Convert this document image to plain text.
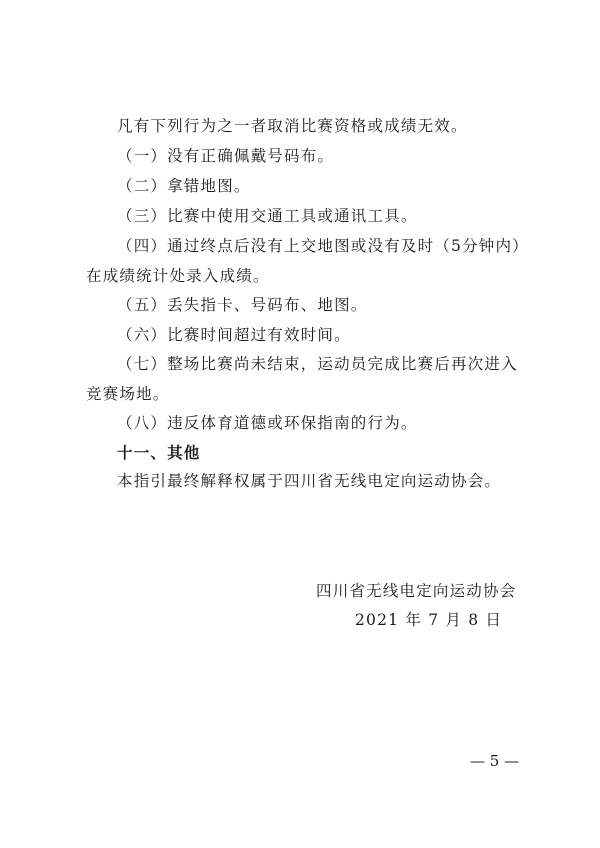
凡有下列行为之一者取消比赛资格或成绩无效。
（一）没有正确佩戴号码布。
（二）拿错地图。
（三）比赛中使用交通工具或通讯工具。
（四）通过终点后没有上交地图或没有及时（5分钟内）在成绩统计处录入成绩。
（五）丢失指卡、号码布、地图。
（六）比赛时间超过有效时间。
（七）整场比赛尚未结束，运动员完成比赛后再次进入竞赛场地。
（八）违反体育道德或环保指南的行为。
十一、其他
本指引最终解释权属于四川省无线电定向运动协会。
四川省无线电定向运动协会
2021 年 7 月 8 日
— 5 —
